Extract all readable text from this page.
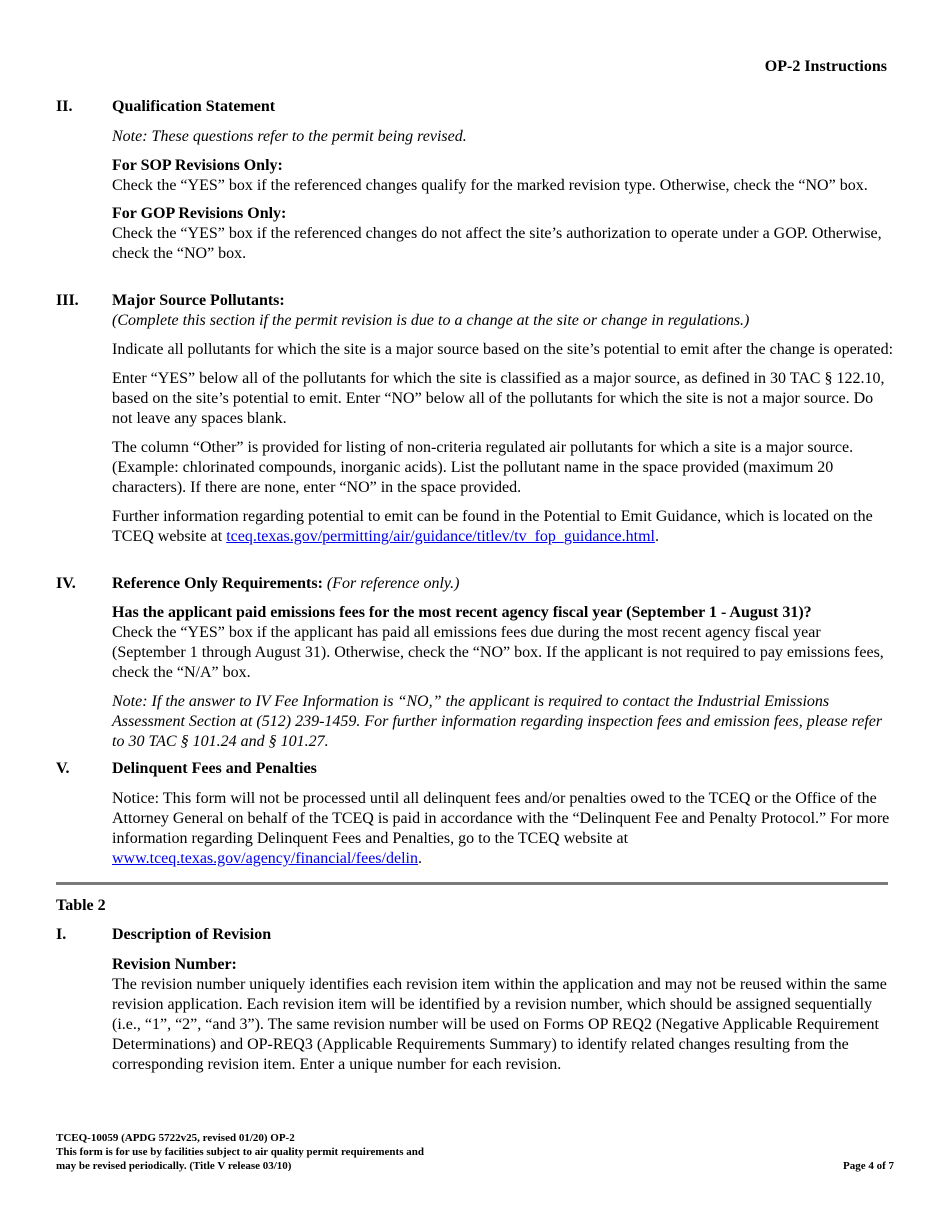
OP-2 Instructions
II. Qualification Statement

Note: These questions refer to the permit being revised.

For SOP Revisions Only:

Check the “YES” box if the referenced changes qualify for the marked revision type. Otherwise, check the “NO” box.

For GOP Revisions Only:

Check the “YES” box if the referenced changes do not affect the site’s authorization to operate under a GOP. Otherwise, check the “NO” box.

III. Major Source Pollutants:

(Complete this section if the permit revision is due to a change at the site or change in regulations.)

Indicate all pollutants for which the site is a major source based on the site’s potential to emit after the change is operated:

Enter “YES” below all of the pollutants for which the site is classified as a major source, as defined in 30 TAC § 122.10, based on the site’s potential to emit. Enter “NO” below all of the pollutants for which the site is not a major source. Do not leave any spaces blank.

The column “Other” is provided for listing of non-criteria regulated air pollutants for which a site is a major source. (Example: chlorinated compounds, inorganic acids). List the pollutant name in the space provided (maximum 20 characters). If there are none, enter “NO” in the space provided.

Further information regarding potential to emit can be found in the Potential to Emit Guidance, which is located on the TCEQ website at tceq.texas.gov/permitting/air/guidance/titlev/tv_fop_guidance.html.

IV. Reference Only Requirements: (For reference only.)

Has the applicant paid emissions fees for the most recent agency fiscal year (September 1 - August 31)?

Check the “YES” box if the applicant has paid all emissions fees due during the most recent agency fiscal year (September 1 through August 31). Otherwise, check the “NO” box. If the applicant is not required to pay emissions fees, check the “N/A” box.

Note: If the answer to IV Fee Information is “NO,” the applicant is required to contact the Industrial Emissions Assessment Section at (512) 239-1459. For further information regarding inspection fees and emission fees, please refer to 30 TAC § 101.24 and § 101.27.

V.	Delinquent Fees and Penalties

Notice: This form will not be processed until all delinquent fees and/or penalties owed to the TCEQ or the Office of the Attorney General on behalf of the TCEQ is paid in accordance with the “Delinquent Fee and Penalty Protocol.” For more information regarding Delinquent Fees and Penalties, go to the TCEQ website at www.tceq.texas.gov/agency/financial/fees/delin.

Table 2
I.	Description of Revision

Revision Number:

The revision number uniquely identifies each revision item within the application and may not be reused within the same revision application. Each revision item will be identified by a revision number, which should be assigned sequentially (i.e., “1”, “2”, “and 3”). The same revision number will be used on Forms OP REQ2 (Negative Applicable Requirement Determinations) and OP-REQ3 (Applicable Requirements Summary) to identify related changes resulting from the corresponding revision item. Enter a unique number for each revision.

TCEQ-10059 (APDG 5722v25, revised 01/20) OP-2
This form is for use by facilities subject to air quality permit requirements and
may be revised periodically. (Title V release 03/10)	Page 4 of 7
